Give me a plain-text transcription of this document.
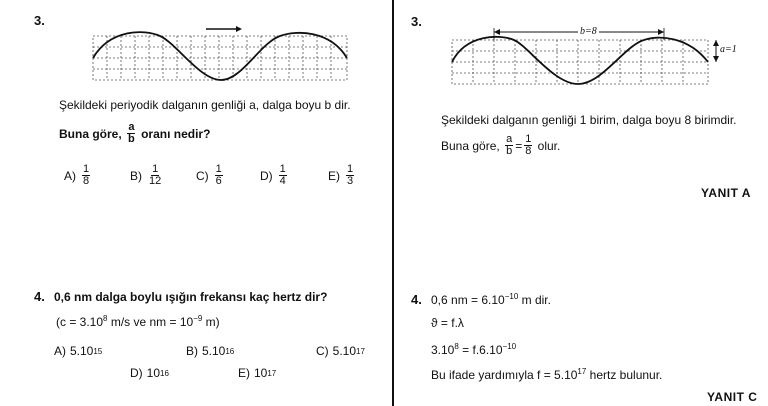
3.
Şekildeki periyodik dalganın genliği a, dalga boyu b dir.
Buna göre,
$\frac{a}{b}$
oranı nedir?
$A) \frac{1}{8}$	$B) \frac{1}{12}$	$C) \frac{1}{6}$	$D) \frac{1}{4}$	$E) \frac{1}{3}$
4. 0,6 nm dalga boylu ışığın frekansı kaç hertz dir?
($c = 3.10^8$ m/s ve nm = $10^{-9}$ m)
A) 5.10 15	B) 5.10 16	C) 5.10 17
D) 10 16	E) 10 17
3.
b=8
a=1
Şekildeki dalganın genliği 1 birim, dalga boyu 8 birimdir.
Buna göre,
$\frac{a}{b} = \frac{1}{8}$
olur.
YANIT A
4. 0,6 nm = $6.10^{-10}$ m dir.
ϑ = f.λ
$3.10^8 = f.6.10^{-10}$
Bu ifade yardımıyla $f = 5.10^{17}$ hertz bulunur.
YANIT C
